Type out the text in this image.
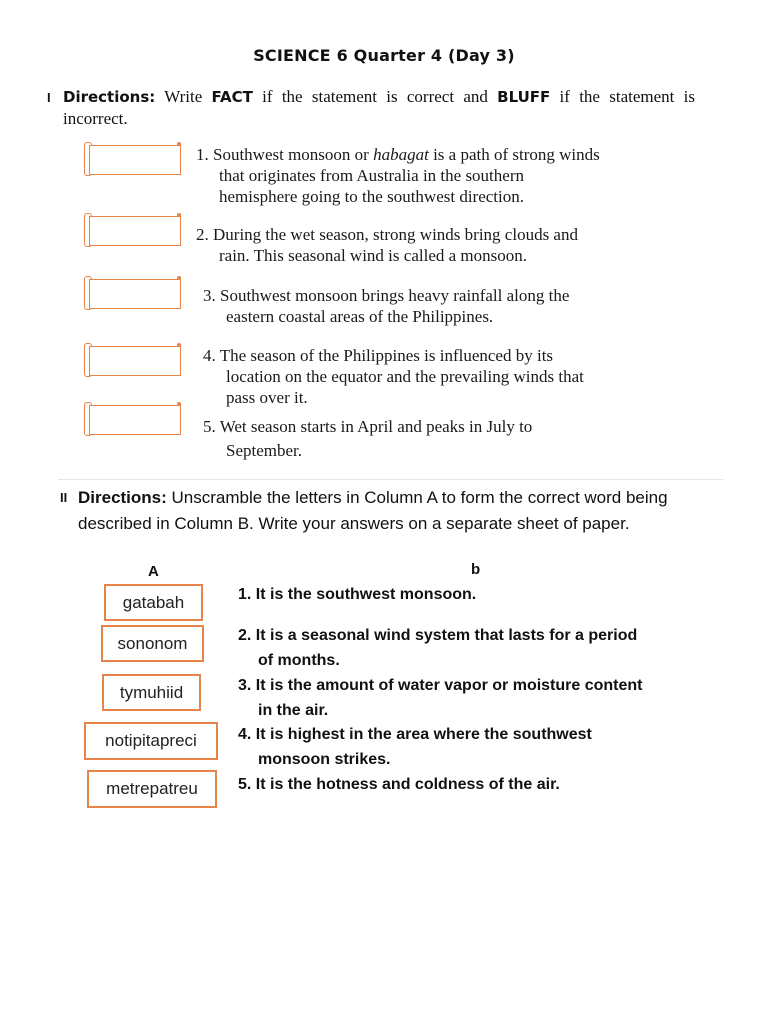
SCIENCE 6 Quarter 4 (Day 3)
I Directions: Write FACT if the statement is correct and BLUFF if the statement is incorrect.
1. Southwest monsoon or habagat is a path of strong winds
that originates from Australia in the southern
hemisphere going to the southwest direction.
2. During the wet season, strong winds bring clouds and
rain. This seasonal wind is called a monsoon.
3. Southwest monsoon brings heavy rainfall along the
eastern coastal areas of the Philippines.
4. The season of the Philippines is influenced by its
location on the equator and the prevailing winds that
pass over it.
5. Wet season starts in April and peaks in July to
September.
II Directions: Unscramble the letters in Column A to form the correct word being described in Column B. Write your answers on a separate sheet of paper.
A	b
gatabah
sononom
tymuhiid
notipitapreci
metrepatreu
1. It is the southwest monsoon.
2. It is a seasonal wind system that lasts for a period
of months.
3. It is the amount of water vapor or moisture content
in the air.
4. It is highest in the area where the southwest
monsoon strikes.
5. It is the hotness and coldness of the air.
